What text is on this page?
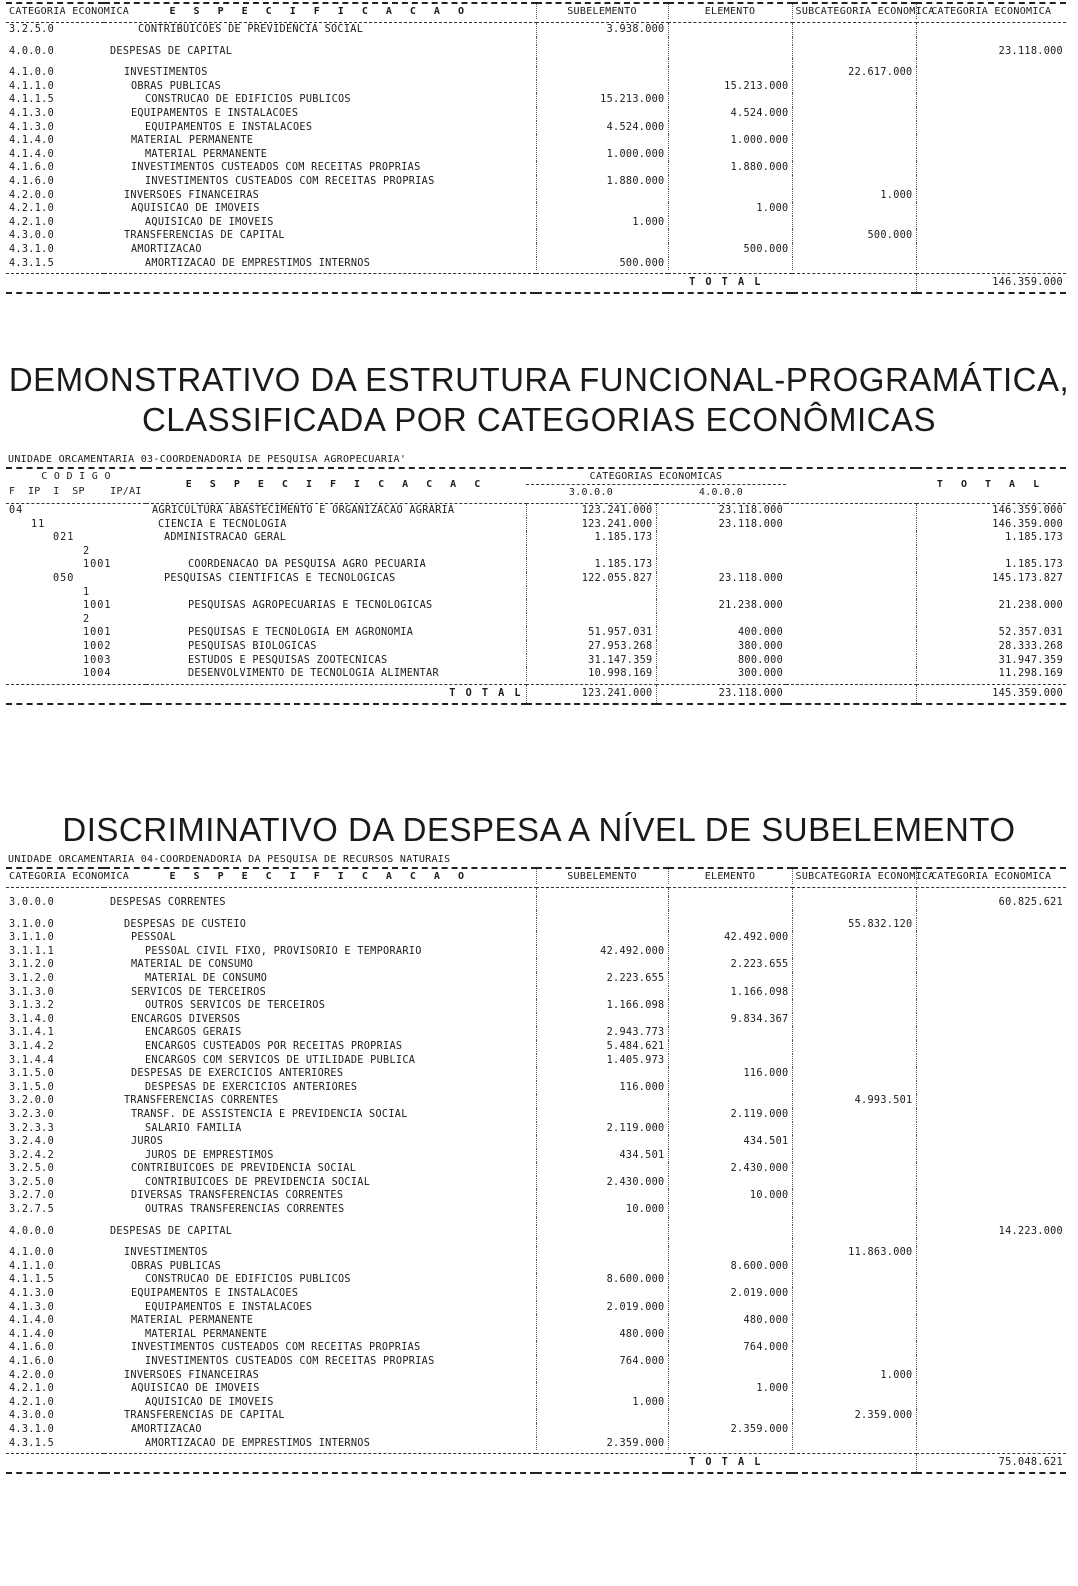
CATEGORIA ECONOMICA	E S P E C I F I C A C A O	SUBELEMENTO	ELEMENTO	SUBCATEGORIA ECONOMICA	CATEGORIA ECONOMICA

3.2.5.0	CONTRIBUICOES DE PREVIDENCIA SOCIAL	3.938.000			

4.0.0.0	DESPESAS DE CAPITAL				23.118.000

4.1.0.0	INVESTIMENTOS			22.617.000	
4.1.1.0	OBRAS PUBLICAS		15.213.000		
4.1.1.5	CONSTRUCAO DE EDIFICIOS PUBLICOS	15.213.000			
4.1.3.0	EQUIPAMENTOS E INSTALACOES		4.524.000		
4.1.3.0	EQUIPAMENTOS E INSTALACOES	4.524.000			
4.1.4.0	MATERIAL PERMANENTE		1.000.000		
4.1.4.0	MATERIAL PERMANENTE	1.000.000			
4.1.6.0	INVESTIMENTOS CUSTEADOS COM RECEITAS PROPRIAS		1.880.000		
4.1.6.0	INVESTIMENTOS CUSTEADOS COM RECEITAS PROPRIAS	1.880.000			
4.2.0.0	INVERSOES FINANCEIRAS			1.000	
4.2.1.0	AQUISICAO DE IMOVEIS		1.000		
4.2.1.0	AQUISICAO DE IMOVEIS	1.000			
4.3.0.0	TRANSFERENCIAS DE CAPITAL			500.000	
4.3.1.0	AMORTIZACAO		500.000		
4.3.1.5	AMORTIZACAO DE EMPRESTIMOS INTERNOS	500.000			

		T O T A L			146.359.000
DEMONSTRATIVO DA ESTRUTURA FUNCIONAL-PROGRAMÁTICA,
CLASSIFICADA POR CATEGORIAS ECONÔMICAS
UNIDADE ORCAMENTARIA 03-COORDENADORIA DE PESQUISA AGROPECUARIA'
C O D I G O	E S P E C I F I C A C A C	CATEGORIAS ECONOMICAS			T O T A L
F  IP  I  SP    IP/AI		3.0.0.0	4.0.0.0		

04	AGRICULTURA ABASTECIMENTO E ORGANIZACAO AGRARIA	123.241.000	23.118.000		146.359.000
11	CIENCIA E TECNOLOGIA	123.241.000	23.118.000		146.359.000
021	ADMINISTRACAO GERAL	1.185.173			1.185.173
2					
1001	COORDENACAO DA PESQUISA AGRO PECUARIA	1.185.173			1.185.173
050	PESQUISAS CIENTIFICAS E TECNOLOGICAS	122.055.827	23.118.000		145.173.827
1					
1001	PESQUISAS AGROPECUARIAS E TECNOLOGICAS		21.238.000		21.238.000
2					
1001	PESQUISAS E TECNOLOGIA EM AGRONOMIA	51.957.031	400.000		52.357.031
1002	PESQUISAS BIOLOGICAS	27.953.268	380.000		28.333.268
1003	ESTUDOS E PESQUISAS ZOOTECNICAS	31.147.359	800.000		31.947.359
1004	DESENVOLVIMENTO DE TECNOLOGIA ALIMENTAR	10.998.169	300.000		11.298.169

	T O T A L	123.241.000	23.118.000		145.359.000
DISCRIMINATIVO DA DESPESA A NÍVEL DE SUBELEMENTO
UNIDADE ORCAMENTARIA 04-COORDENADORIA DA PESQUISA DE RECURSOS NATURAIS
CATEGORIA ECONOMICA	E S P E C I F I C A C A O	SUBELEMENTO	ELEMENTO	SUBCATEGORIA ECONOMICA	CATEGORIA ECONOMICA

3.0.0.0	DESPESAS CORRENTES				60.825.621

3.1.0.0	DESPESAS DE CUSTEIO			55.832.120	
3.1.1.0	PESSOAL		42.492.000		
3.1.1.1	PESSOAL CIVIL FIXO, PROVISORIO E TEMPORARIO	42.492.000			
3.1.2.0	MATERIAL DE CONSUMO		2.223.655		
3.1.2.0	MATERIAL DE CONSUMO	2.223.655			
3.1.3.0	SERVICOS DE TERCEIROS		1.166.098		
3.1.3.2	OUTROS SERVICOS DE TERCEIROS	1.166.098			
3.1.4.0	ENCARGOS DIVERSOS		9.834.367		
3.1.4.1	ENCARGOS GERAIS	2.943.773			
3.1.4.2	ENCARGOS CUSTEADOS POR RECEITAS PROPRIAS	5.484.621			
3.1.4.4	ENCARGOS COM SERVICOS DE UTILIDADE PUBLICA	1.405.973			
3.1.5.0	DESPESAS DE EXERCICIOS ANTERIORES		116.000		
3.1.5.0	DESPESAS DE EXERCICIOS ANTERIORES	116.000			
3.2.0.0	TRANSFERENCIAS CORRENTES			4.993.501	
3.2.3.0	TRANSF. DE ASSISTENCIA E PREVIDENCIA SOCIAL		2.119.000		
3.2.3.3	SALARIO FAMILIA	2.119.000			
3.2.4.0	JUROS		434.501		
3.2.4.2	JUROS DE EMPRESTIMOS	434.501			
3.2.5.0	CONTRIBUICOES DE PREVIDENCIA SOCIAL		2.430.000		
3.2.5.0	CONTRIBUICOES DE PREVIDENCIA SOCIAL	2.430.000			
3.2.7.0	DIVERSAS TRANSFERENCIAS CORRENTES		10.000		
3.2.7.5	OUTRAS TRANSFERENCIAS CORRENTES	10.000			

4.0.0.0	DESPESAS DE CAPITAL				14.223.000

4.1.0.0	INVESTIMENTOS			11.863.000	
4.1.1.0	OBRAS PUBLICAS		8.600.000		
4.1.1.5	CONSTRUCAO DE EDIFICIOS PUBLICOS	8.600.000			
4.1.3.0	EQUIPAMENTOS E INSTALACOES		2.019.000		
4.1.3.0	EQUIPAMENTOS E INSTALACOES	2.019.000			
4.1.4.0	MATERIAL PERMANENTE		480.000		
4.1.4.0	MATERIAL PERMANENTE	480.000			
4.1.6.0	INVESTIMENTOS CUSTEADOS COM RECEITAS PROPRIAS		764.000		
4.1.6.0	INVESTIMENTOS CUSTEADOS COM RECEITAS PROPRIAS	764.000			
4.2.0.0	INVERSOES FINANCEIRAS			1.000	
4.2.1.0	AQUISICAO DE IMOVEIS		1.000		
4.2.1.0	AQUISICAO DE IMOVEIS	1.000			
4.3.0.0	TRANSFERENCIAS DE CAPITAL			2.359.000	
4.3.1.0	AMORTIZACAO		2.359.000		
4.3.1.5	AMORTIZACAO DE EMPRESTIMOS INTERNOS	2.359.000			

		T O T A L			75.048.621
